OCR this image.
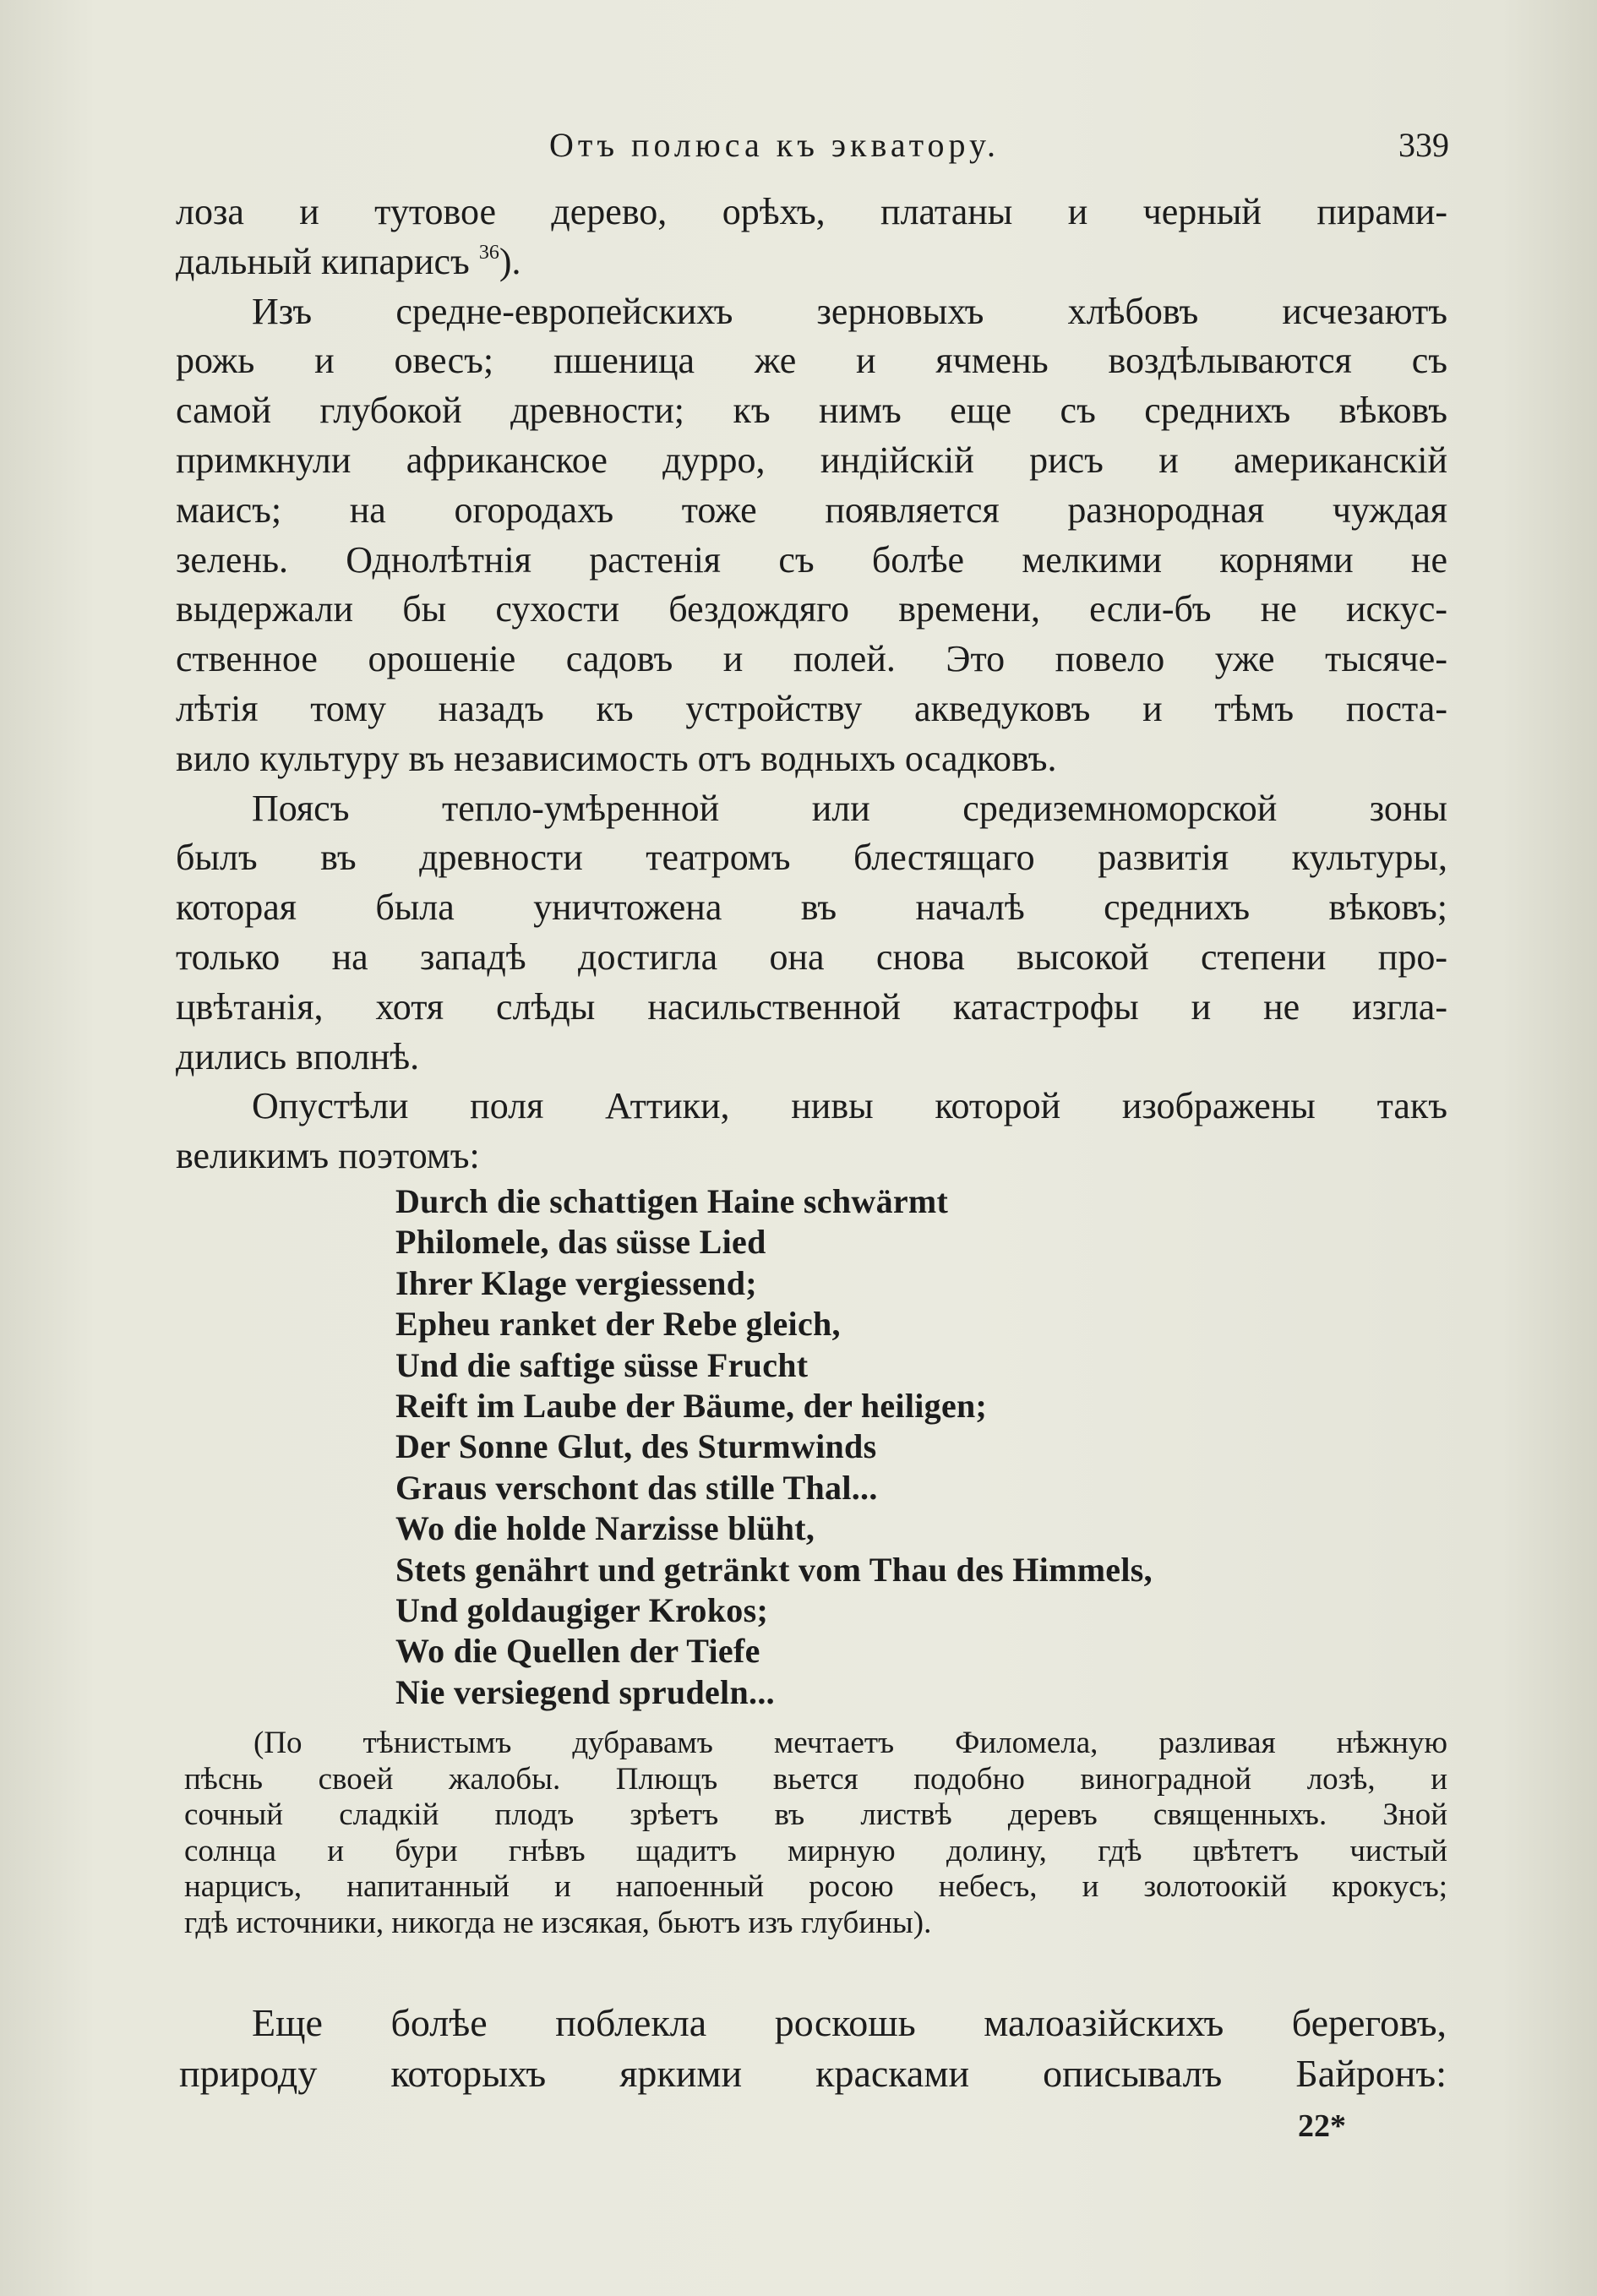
Отъ полюса къ экватору.	339
лоза и тутовое дерево, орѣхъ, платаны и черный пирами-
дальный кипарисъ $^{36}$).
Изъ средне-европейскихъ зерновыхъ хлѣбовъ исчезаютъ
рожь и овесъ; пшеница же и ячмень воздѣлываются съ
самой глубокой древности; къ нимъ еще съ среднихъ вѣковъ
примкнули африканское дурро, индійскій рисъ и американскій
маисъ; на огородахъ тоже появляется разнородная чуждая
зелень. Однолѣтнія растенія съ болѣе мелкими корнями не
выдержали бы сухости бездождяго времени, если-бъ не искус-
ственное орошеніе садовъ и полей. Это повело уже тысяче-
лѣтія тому назадъ къ устройству акведуковъ и тѣмъ поста-
вило культуру въ независимость отъ водныхъ осадковъ.
Поясъ тепло-умѣренной или средиземноморской зоны
былъ въ древности театромъ блестящаго развитія культуры,
которая была уничтожена въ началѣ среднихъ вѣковъ;
только на западѣ достигла она снова высокой степени про-
цвѣтанія, хотя слѣды насильственной катастрофы и не изгла-
дились вполнѣ.
Опустѣли поля Аттики, нивы которой изображены такъ
великимъ поэтомъ:
Durch die schattigen Haine schwärmt
Philomele, das süsse Lied
Ihrer Klage vergiessend;
Epheu ranket der Rebe gleich,
Und die saftige süsse Frucht
Reift im Laube der Bäume, der heiligen;
Der Sonne Glut, des Sturmwinds
Graus verschont das stille Thal...
Wo die holde Narzisse blüht,
Stets genährt und getränkt vom Thau des Himmels,
Und goldaugiger Krokos;
Wo die Quellen der Tiefe
Nie versiegend sprudeln...
(По тѣнистымъ дубравамъ мечтаетъ Филомела, разливая нѣжную
пѣснь своей жалобы. Плющъ вьется подобно виноградной лозѣ, и
сочный сладкій плодъ зрѣетъ въ листвѣ деревъ священныхъ. Зной
солнца и бури гнѣвъ щадитъ мирную долину, гдѣ цвѣтетъ чистый
нарцисъ, напитанный и напоенный росою небесъ, и золотоокій крокусъ;
гдѣ источники, никогда не изсякая, бьютъ изъ глубины).
Еще болѣе поблекла роскошь малоазійскихъ береговъ,
природу которыхъ яркими красками описывалъ Байронъ:
22*
